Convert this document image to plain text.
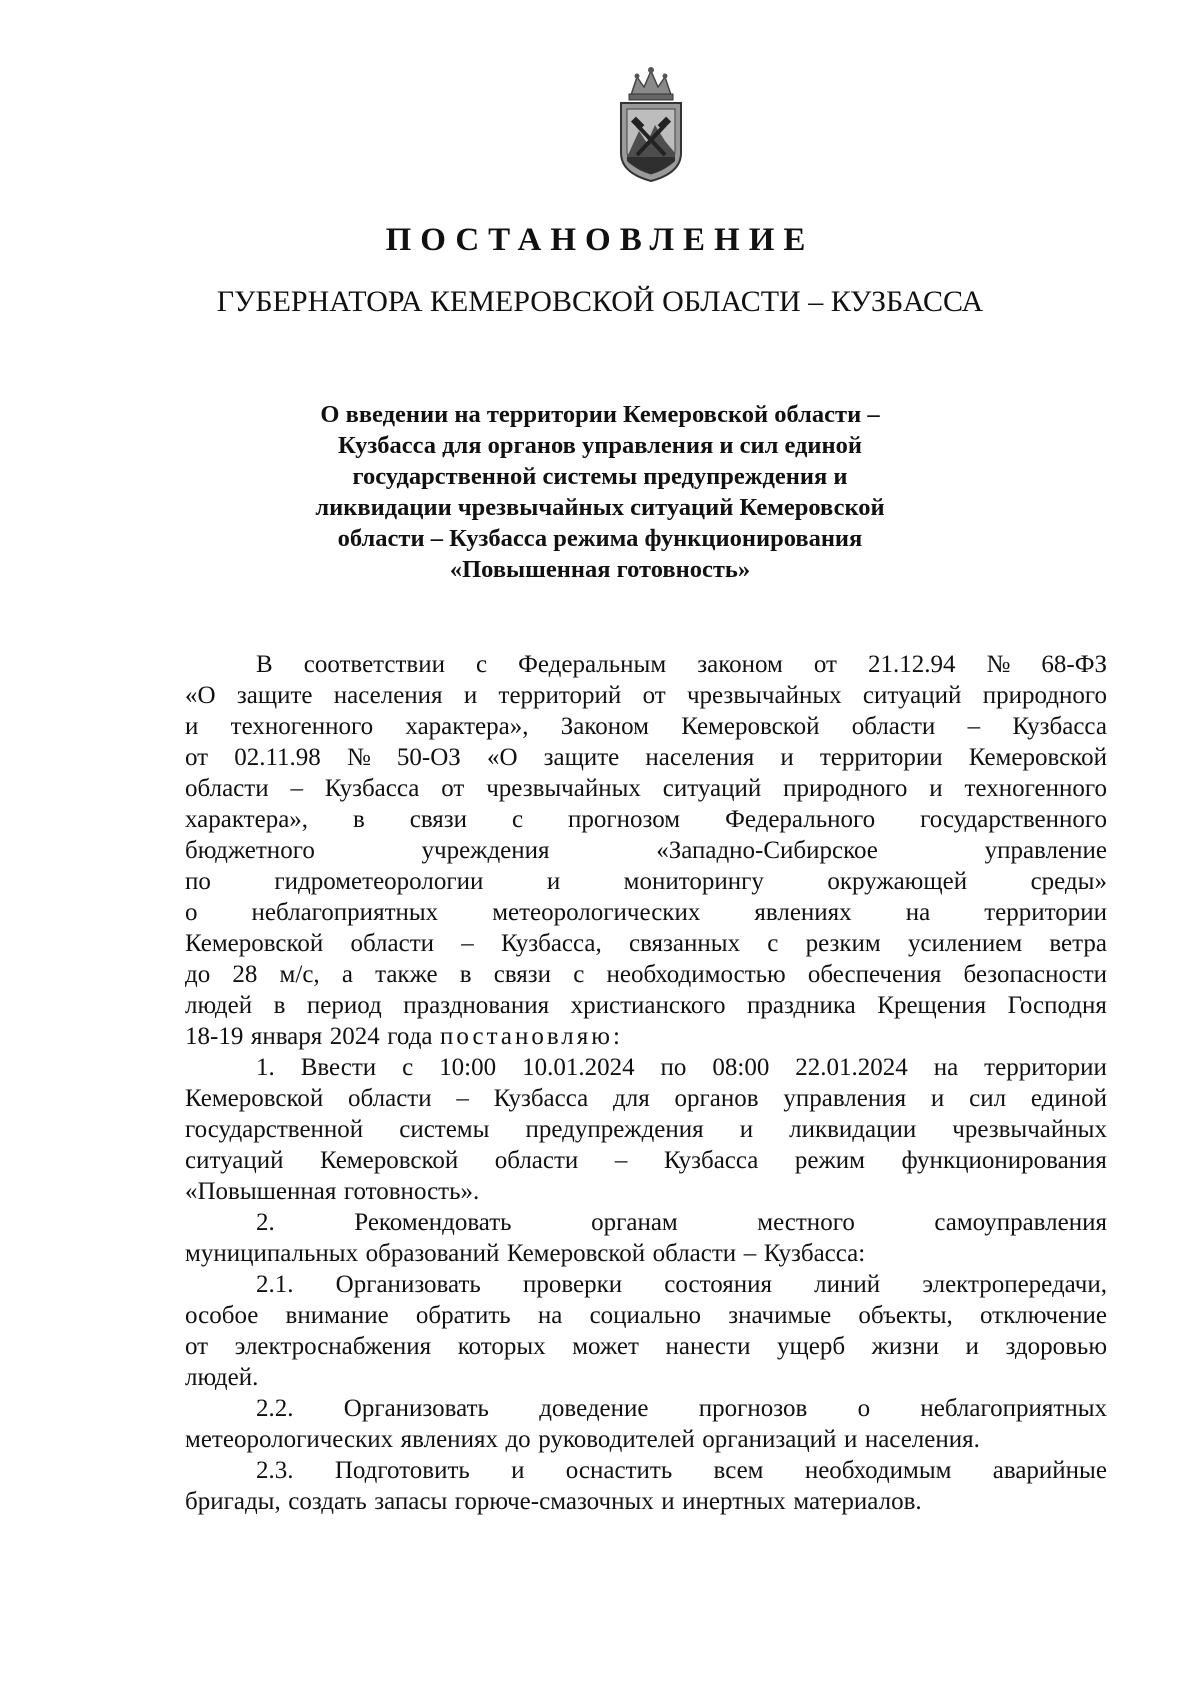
ПОСТАНОВЛЕНИЕ
ГУБЕРНАТОРА КЕМЕРОВСКОЙ ОБЛАСТИ – КУЗБАССА
О введении на территории Кемеровской области –
Кузбасса для органов управления и сил единой
государственной системы предупреждения и
ликвидации чрезвычайных ситуаций Кемеровской
области – Кузбасса режима функционирования
«Повышенная готовность»
В соответствии с Федеральным законом от 21.12.94 № 68-ФЗ
«О защите населения и территорий от чрезвычайных ситуаций природного
и техногенного характера», Законом Кемеровской области – Кузбасса
от 02.11.98 № 50-ОЗ «О защите населения и территории Кемеровской
области – Кузбасса от чрезвычайных ситуаций природного и техногенного
характера», в связи с прогнозом Федерального государственного
бюджетного	учреждения	«Западно-Сибирское	управление
по	гидрометеорологии	и	мониторингу	окружающей	среды»
о неблагоприятных метеорологических явлениях на территории
Кемеровской области – Кузбасса, связанных с резким усилением ветра
до 28 м/с, а также в связи с необходимостью обеспечения безопасности
людей в период празднования христианского праздника Крещения Господня
18-19 января 2024 года постановляю:
1. Ввести с 10:00 10.01.2024 по 08:00 22.01.2024 на территории
Кемеровской области – Кузбасса для органов управления и сил единой
государственной системы предупреждения и ликвидации чрезвычайных
ситуаций Кемеровской области – Кузбасса режим функционирования
«Повышенная готовность».
2.	Рекомендовать	органам	местного	самоуправления
муниципальных образований Кемеровской области – Кузбасса:
2.1. Организовать проверки состояния линий электропередачи,
особое внимание обратить на социально значимые объекты, отключение
от электроснабжения которых может нанести ущерб жизни и здоровью
людей.
2.2. Организовать доведение прогнозов о неблагоприятных
метеорологических явлениях до руководителей организаций и населения.
2.3. Подготовить и оснастить всем необходимым аварийные
бригады, создать запасы горюче-смазочных и инертных материалов.
